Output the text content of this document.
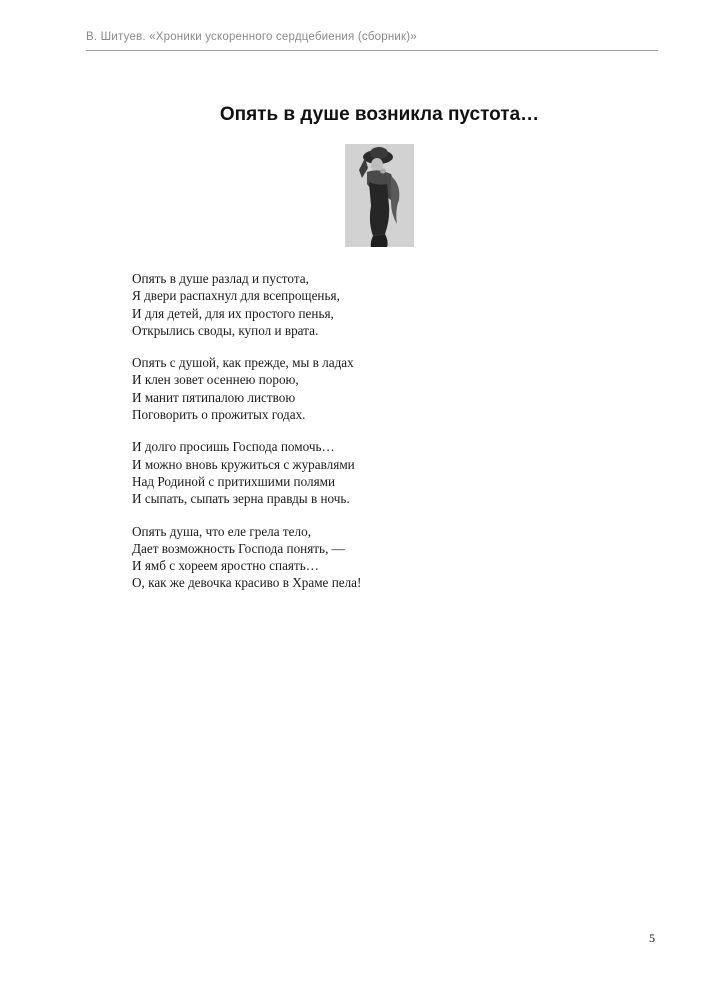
В. Шитуев. «Хроники ускоренного сердцебиения (сборник)»
Опять в душе возникла пустота…
Опять в душе разлад и пустота,
Я двери распахнул для всепрощенья,
И для детей, для их простого пенья,
Открылись своды, купол и врата.
Опять с душой, как прежде, мы в ладах
И клен зовет осеннею порою,
И манит пятипалою листвою
Поговорить о прожитых годах.
И долго просишь Господа помочь…
И можно вновь кружиться с журавлями
Над Родиной с притихшими полями
И сыпать, сыпать зерна правды в ночь.
Опять душа, что еле грела тело,
Дает возможность Господа понять, —
И ямб с хореем яростно спаять…
О, как же девочка красиво в Храме пела!
5
